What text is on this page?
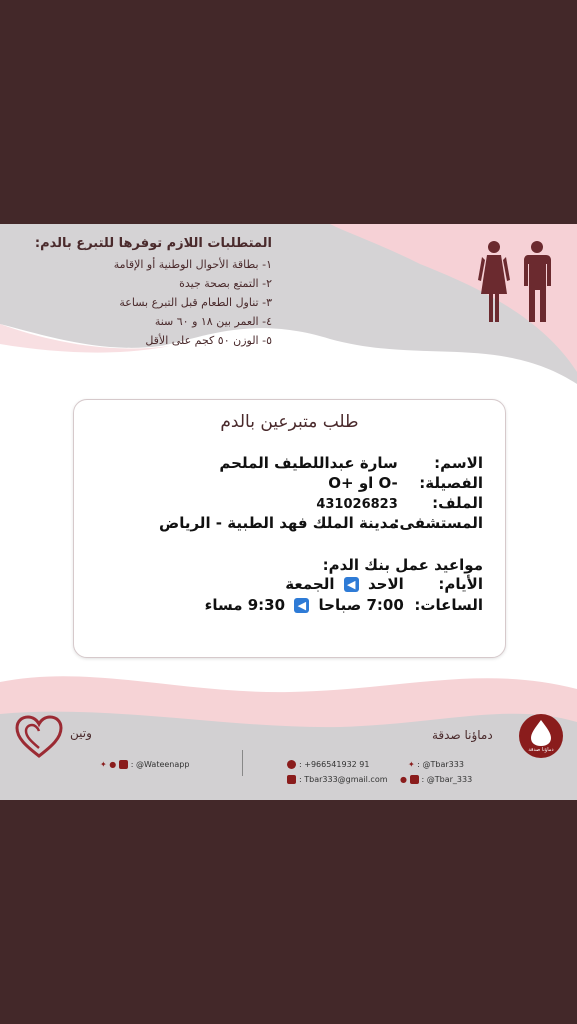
المتطلبات اللازم توفرها للتبرع بالدم:
١- بطاقة الأحوال الوطنية أو الإقامة
٢- التمتع بصحة جيدة
٣- تناول الطعام قبل التبرع بساعة
٤- العمر بين ١٨ و ٦٠ سنة
٥- الوزن ٥٠ كجم على الأقل
طلب متبرعين بالدم
الاسم: سارة عبداللطيف الملحم
الفصيلة: O+ او O-
الملف: 431026823
المستشفى: مدينة الملك فهد الطبية - الرياض
مواعيد عمل بنك الدم:
الأيام: الاحد ◀ الجمعة
الساعات: 7:00 صباحا ◀ 9:30 مساء
وتين
✦ ● : @Wateenapp	: +966541932 91
: Tbar333@gmail.com
✦ : @Tbar333
● : @Tbar_333
دماؤنا صدقة
دماؤنا صدقة
